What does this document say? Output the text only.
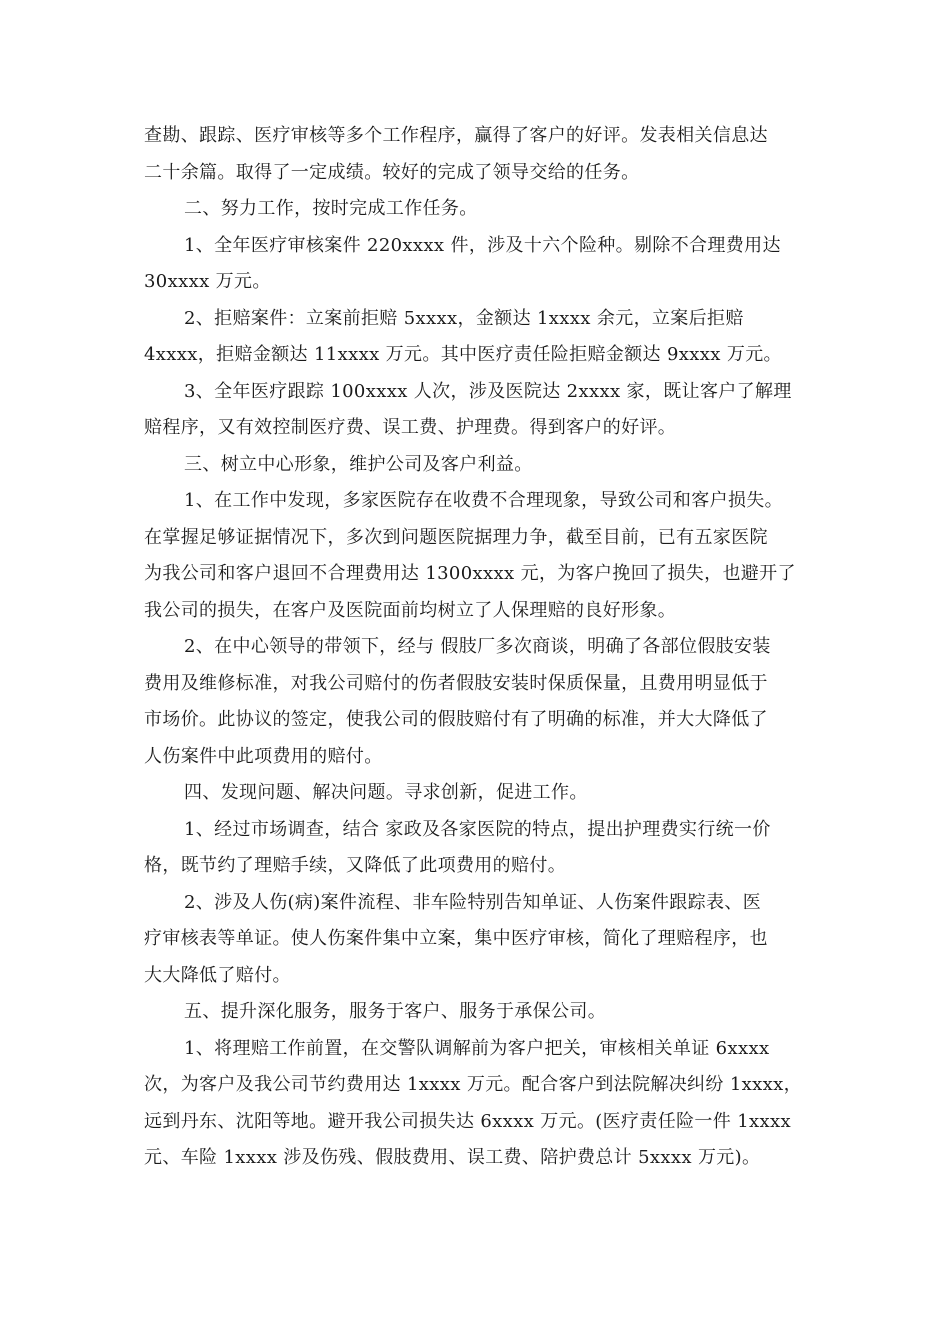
查勘、跟踪、医疗审核等多个工作程序，赢得了客户的好评。发表相关信息达
二十余篇。取得了一定成绩。较好的完成了领导交给的任务。
二、努力工作，按时完成工作任务。
1、全年医疗审核案件 220xxxx 件，涉及十六个险种。剔除不合理费用达
30xxxx 万元。
2、拒赔案件：立案前拒赔 5xxxx，金额达 1xxxx 余元，立案后拒赔
4xxxx，拒赔金额达 11xxxx 万元。其中医疗责任险拒赔金额达 9xxxx 万元。
3、全年医疗跟踪 100xxxx 人次，涉及医院达 2xxxx 家，既让客户了解理
赔程序，又有效控制医疗费、误工费、护理费。得到客户的好评。
三、树立中心形象，维护公司及客户利益。
1、在工作中发现，多家医院存在收费不合理现象，导致公司和客户损失。
在掌握足够证据情况下，多次到问题医院据理力争，截至目前，已有五家医院
为我公司和客户退回不合理费用达 1300xxxx 元，为客户挽回了损失，也避开了
我公司的损失，在客户及医院面前均树立了人保理赔的良好形象。
2、在中心领导的带领下，经与 假肢厂多次商谈，明确了各部位假肢安装
费用及维修标准，对我公司赔付的伤者假肢安装时保质保量，且费用明显低于
市场价。此协议的签定，使我公司的假肢赔付有了明确的标准，并大大降低了
人伤案件中此项费用的赔付。
四、发现问题、解决问题。寻求创新，促进工作。
1、经过市场调查，结合 家政及各家医院的特点，提出护理费实行统一价
格，既节约了理赔手续，又降低了此项费用的赔付。
2、涉及人伤(病)案件流程、非车险特别告知单证、人伤案件跟踪表、医
疗审核表等单证。使人伤案件集中立案，集中医疗审核，简化了理赔程序，也
大大降低了赔付。
五、提升深化服务，服务于客户、服务于承保公司。
1、将理赔工作前置，在交警队调解前为客户把关，审核相关单证 6xxxx
次，为客户及我公司节约费用达 1xxxx 万元。配合客户到法院解决纠纷 1xxxx，
远到丹东、沈阳等地。避开我公司损失达 6xxxx 万元。(医疗责任险一件 1xxxx
元、车险 1xxxx 涉及伤残、假肢费用、误工费、陪护费总计 5xxxx 万元)。
